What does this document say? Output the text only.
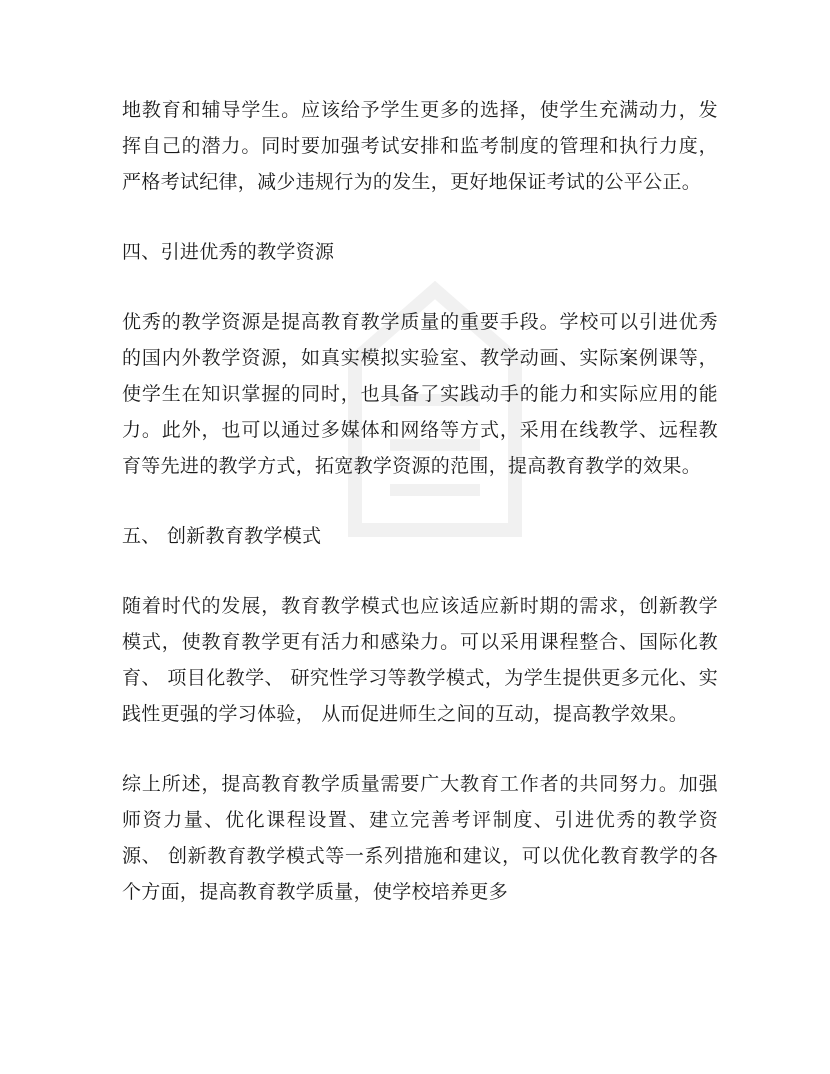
地教育和辅导学生。应该给予学生更多的选择，使学生充满动力，发挥自己的潜力。同时要加强考试安排和监考制度的管理和执行力度，严格考试纪律，减少违规行为的发生，更好地保证考试的公平公正。

四、引进优秀的教学资源

优秀的教学资源是提高教育教学质量的重要手段。学校可以引进优秀的国内外教学资源，如真实模拟实验室、教学动画、实际案例课等，使学生在知识掌握的同时，也具备了实践动手的能力和实际应用的能力。此外，也可以通过多媒体和网络等方式，采用在线教学、远程教育等先进的教学方式，拓宽教学资源的范围，提高教育教学的效果。

五、 创新教育教学模式

随着时代的发展，教育教学模式也应该适应新时期的需求，创新教学模式，使教育教学更有活力和感染力。可以采用课程整合、国际化教育、 项目化教学、 研究性学习等教学模式，为学生提供更多元化、实践性更强的学习体验， 从而促进师生之间的互动，提高教学效果。

综上所述，提高教育教学质量需要广大教育工作者的共同努力。加强师资力量、优化课程设置、建立完善考评制度、引进优秀的教学资源、 创新教育教学模式等一系列措施和建议，可以优化教育教学的各个方面，提高教育教学质量，使学校培养更多
